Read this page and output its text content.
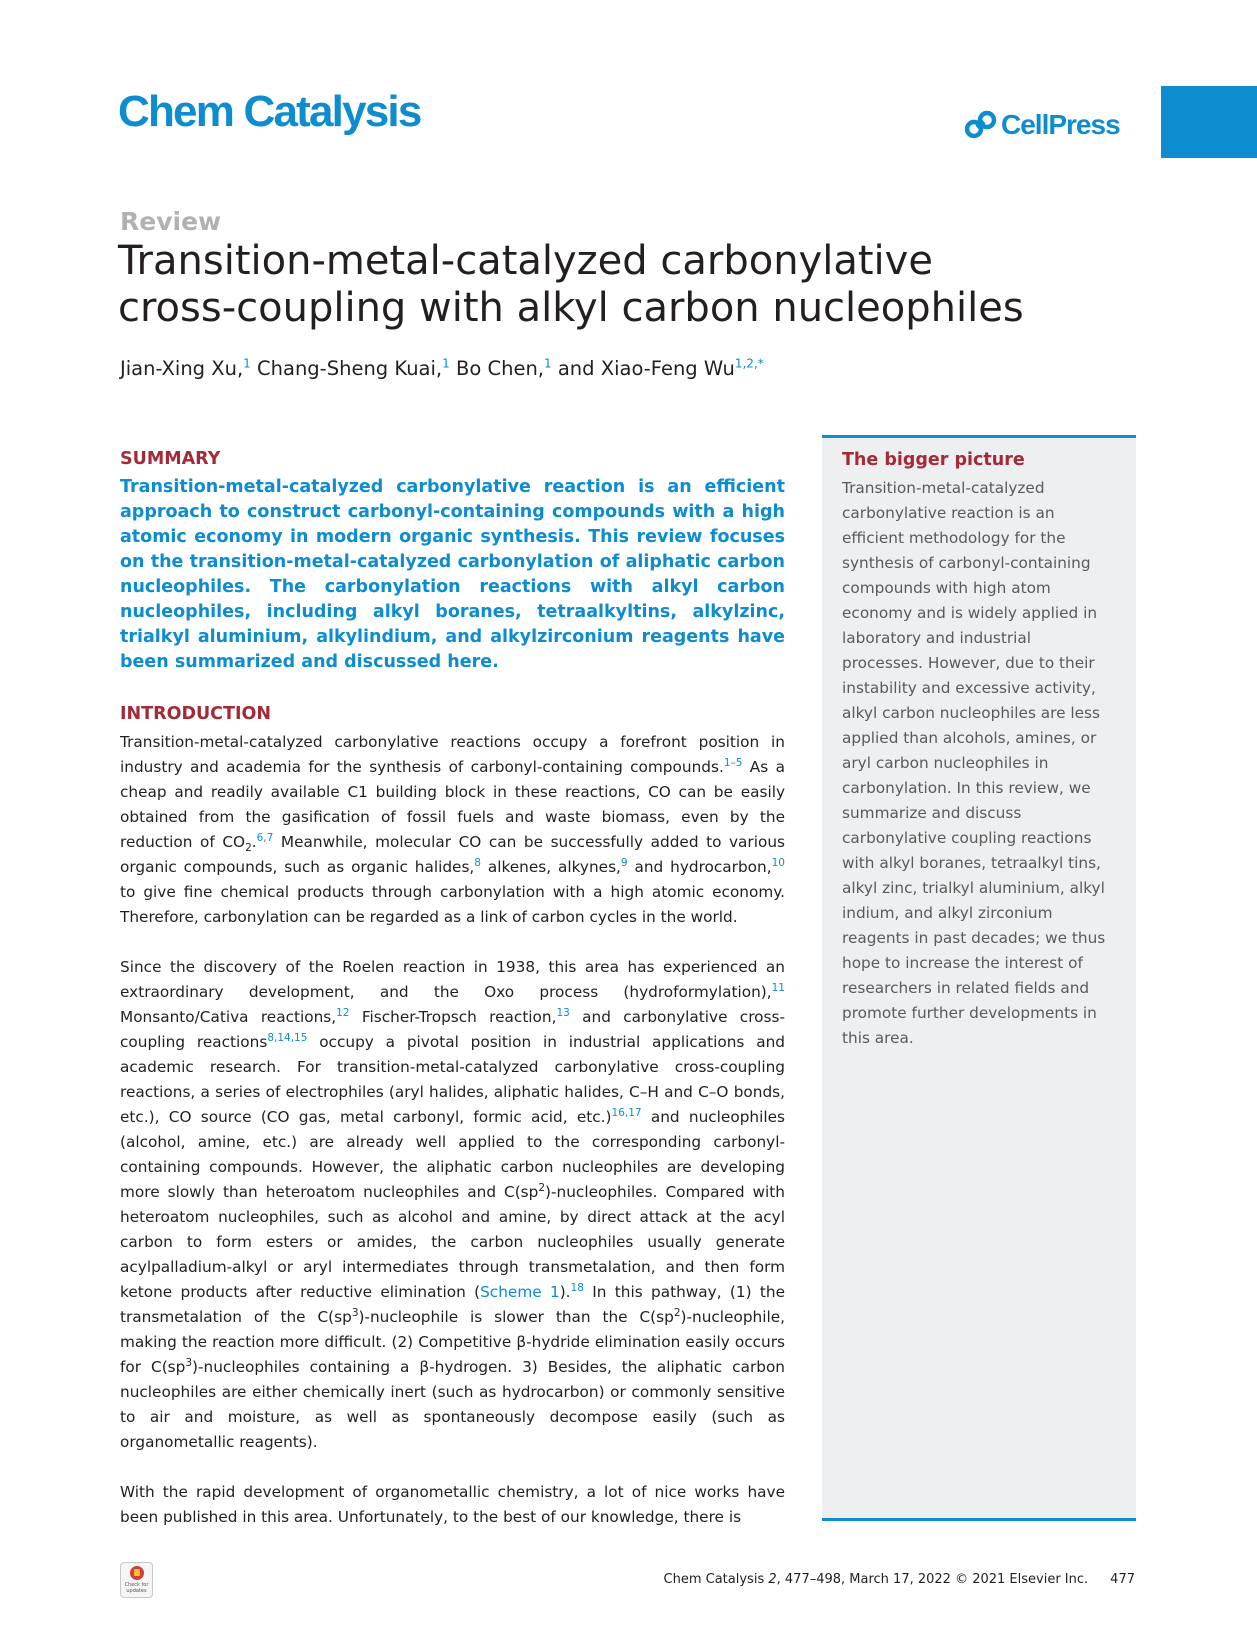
Chem Catalysis	CellPress
Review
Transition-metal-catalyzed carbonylative
cross-coupling with alkyl carbon nucleophiles
Jian-Xing Xu,$^1$ Chang-Sheng Kuai,$^1$ Bo Chen,$^1$ and Xiao-Feng $Wu^{1,2,*}$
SUMMARY

Transition-metal-catalyzed carbonylative reaction is an efficient approach to construct carbonyl-containing compounds with a high atomic economy in modern organic synthesis. This review focuses on the transition-metal-catalyzed carbonylation of aliphatic carbon nucleophiles. The carbonylation reactions with alkyl carbon nucleophiles, including alkyl boranes, tetraalkyltins, alkylzinc, trialkyl aluminium, alkylindium, and alkylzirconium reagents have been summarized and discussed here.

INTRODUCTION

Transition-metal-catalyzed carbonylative reactions occupy a forefront position in industry and academia for the synthesis of carbonyl-containing compounds.$^{1-5}$ As a cheap and readily available C1 building block in these reactions, CO can be easily obtained from the gasification of fossil fuels and waste biomass, even by the reduction of $CO_2.^{6,7}$ Meanwhile, molecular CO can be successfully added to various organic compounds, such as organic halides,$^8$ alkenes, alkynes,$^9$ and hydrocarbon,$^{10}$ to give fine chemical products through carbonylation with a high atomic economy. Therefore, carbonylation can be regarded as a link of carbon cycles in the world.

Since the discovery of the Roelen reaction in 1938, this area has experienced an extraordinary development, and the Oxo process (hydroformylation),$^{11}$ Monsanto/Cativa reactions,$^{12}$ Fischer-Tropsch reaction,$^{13}$ and carbonylative cross-coupling reactions$^{8,14,15}$ occupy a pivotal position in industrial applications and academic research. For transition-metal-catalyzed carbonylative cross-coupling reactions, a series of electrophiles (aryl halides, aliphatic halides, C–H and C–O bonds, etc.), CO source (CO gas, metal carbonyl, formic acid, etc.)$^{16,17}$ and nucleophiles (alcohol, amine, etc.) are already well applied to the corresponding carbonyl-containing compounds. However, the aliphatic carbon nucleophiles are developing more slowly than heteroatom nucleophiles and $C(sp^2)$-nucleophiles. Compared with heteroatom nucleophiles, such as alcohol and amine, by direct attack at the acyl carbon to form esters or amides, the carbon nucleophiles usually generate acylpalladium-alkyl or aryl intermediates through transmetalation, and then form ketone products after reductive elimination (Scheme 1).$^{18}$ In this pathway, (1) the transmetalation of the $C(sp^3)$-nucleophile is slower than the $C(sp^2)$-nucleophile, making the reaction more difficult. (2) Competitive β-hydride elimination easily occurs for $C(sp^3)$-nucleophiles containing a β-hydrogen. 3) Besides, the aliphatic carbon nucleophiles are either chemically inert (such as hydrocarbon) or commonly sensitive to air and moisture, as well as spontaneously decompose easily (such as organometallic reagents).

With the rapid development of organometallic chemistry, a lot of nice works have been published in this area. Unfortunately, to the best of our knowledge, there is

The bigger picture

Transition-metal-catalyzed carbonylative reaction is an efficient methodology for the synthesis of carbonyl-containing compounds with high atom economy and is widely applied in laboratory and industrial processes. However, due to their instability and excessive activity, alkyl carbon nucleophiles are less applied than alcohols, amines, or aryl carbon nucleophiles in carbonylation. In this review, we summarize and discuss carbonylative coupling reactions with alkyl boranes, tetraalkyl tins, alkyl zinc, trialkyl aluminium, alkyl indium, and alkyl zirconium reagents in past decades; we thus hope to increase the interest of researchers in related fields and promote further developments in this area.

Check for updates
Chem Catalysis 2, 477–498, March 17, 2022 © 2021 Elsevier Inc. 477
